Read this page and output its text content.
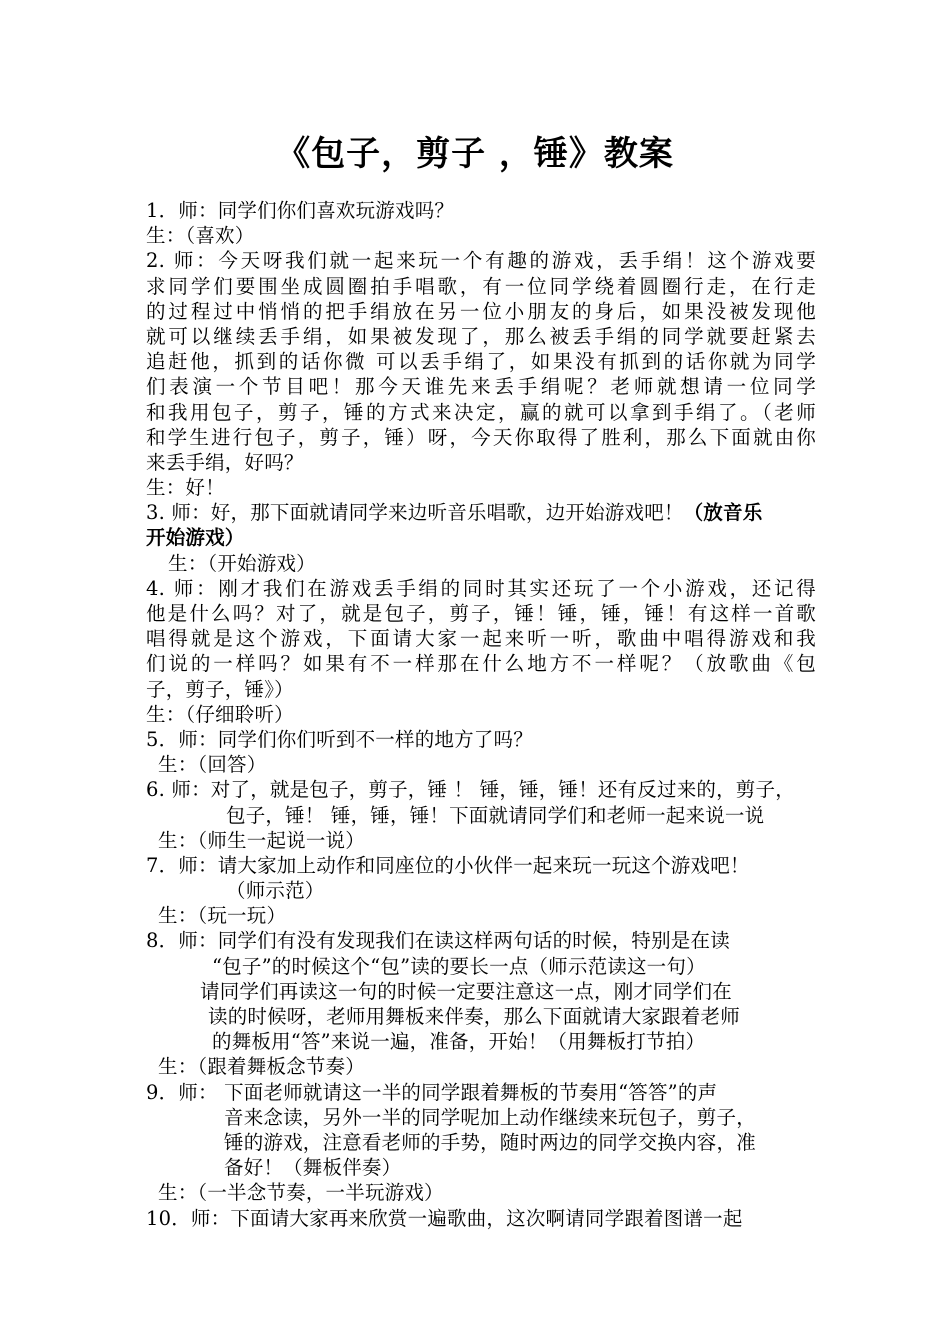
《包子，剪子 ，锤》教案
1．师：同学们你们喜欢玩游戏吗？
生：（喜欢）
2. 师：今天呀我们就一起来玩一个有趣的游戏，丢手绢！这个游戏要
求同学们要围坐成圆圈拍手唱歌，有一位同学绕着圆圈行走，在行走
的过程过中悄悄的把手绢放在另一位小朋友的身后，如果没被发现他
就可以继续丢手绢，如果被发现了，那么被丢手绢的同学就要赶紧去
追赶他，抓到的话你微 可以丢手绢了，如果没有抓到的话你就为同学
们表演一个节目吧！那今天谁先来丢手绢呢？老师就想请一位同学
和我用包子，剪子，锤的方式来决定，赢的就可以拿到手绢了。（老师
和学生进行包子，剪子，锤）呀，今天你取得了胜利，那么下面就由你
来丢手绢，好吗？
生：好！
3. 师：好，那下面就请同学来边听音乐唱歌，边开始游戏吧！（放音乐
开始游戏）
生：（开始游戏）
4. 师：刚才我们在游戏丢手绢的同时其实还玩了一个小游戏，还记得
他是什么吗？对了，就是包子，剪子，锤！锤，锤，锤！有这样一首歌
唱得就是这个游戏，下面请大家一起来听一听，歌曲中唱得游戏和我
们说的一样吗？如果有不一样那在什么地方不一样呢？（放歌曲《包
子，剪子，锤》）
生：（仔细聆听）
5．师：同学们你们听到不一样的地方了吗？
生：（回答）
6. 师：对了，就是包子，剪子，锤 ！ 锤，锤，锤！还有反过来的，剪子，
包子，锤！ 锤，锤，锤！下面就请同学们和老师一起来说一说
生：（师生一起说一说）
7．师：请大家加上动作和同座位的小伙伴一起来玩一玩这个游戏吧！
（师示范）
生：（玩一玩）
8．师：同学们有没有发现我们在读这样两句话的时候，特别是在读
“包子”的时候这个“包”读的要长一点（师示范读这一句）
请同学们再读这一句的时候一定要注意这一点，刚才同学们在
读的时候呀，老师用舞板来伴奏，那么下面就请大家跟着老师
的舞板用“答”来说一遍，准备，开始！（用舞板打节拍）
生：（跟着舞板念节奏）
9．师： 下面老师就请这一半的同学跟着舞板的节奏用“答答”的声
音来念读，另外一半的同学呢加上动作继续来玩包子，剪子，
锤的游戏，注意看老师的手势，随时两边的同学交换内容，准
备好！（舞板伴奏）
生：（一半念节奏，一半玩游戏）
10．师：下面请大家再来欣赏一遍歌曲，这次啊请同学跟着图谱一起
